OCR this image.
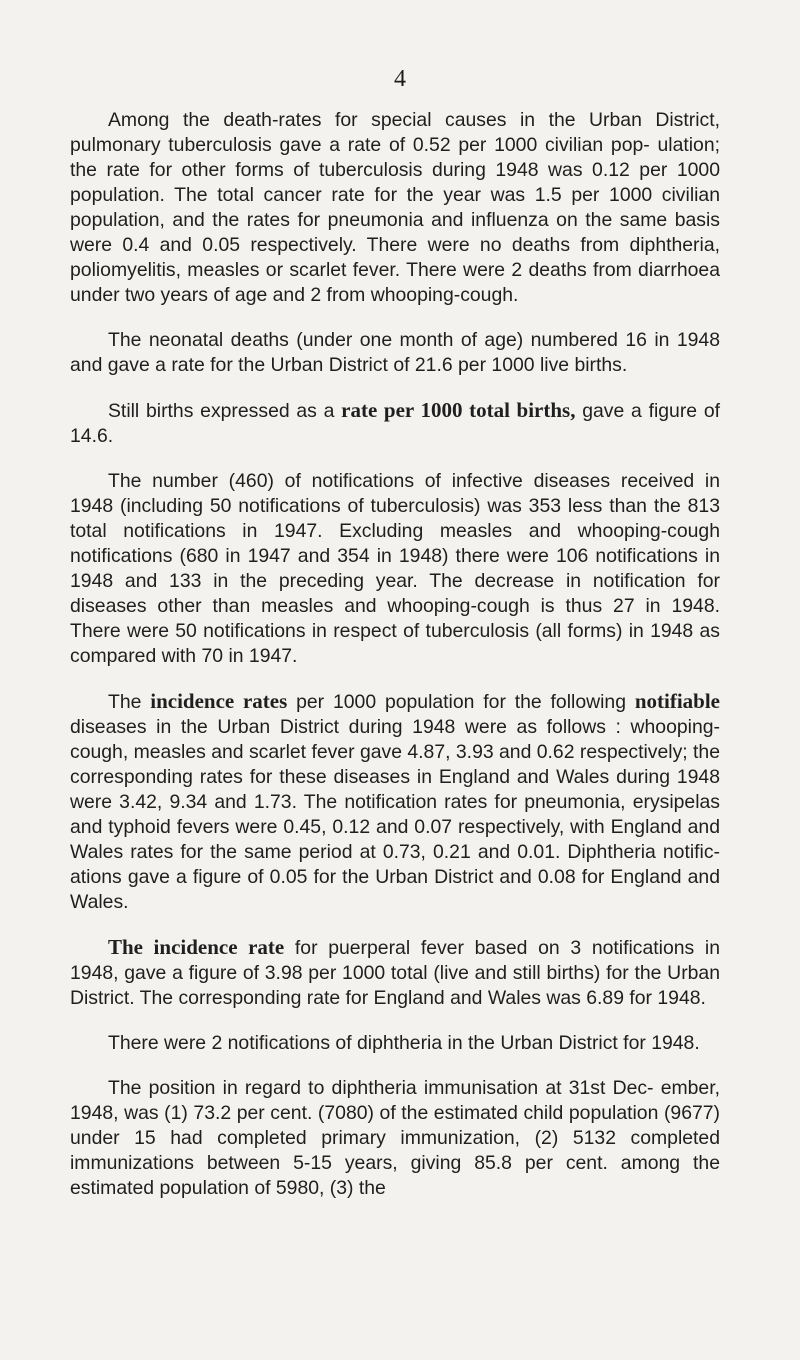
4

Among the death-rates for special causes in the Urban District, pulmonary tuberculosis gave a rate of 0.52 per 1000 civilian pop- ulation; the rate for other forms of tuberculosis during 1948 was 0.12 per 1000 population. The total cancer rate for the year was 1.5 per 1000 civilian population, and the rates for pneumonia and influenza on the same basis were 0.4 and 0.05 respectively. There were no deaths from diphtheria, poliomyelitis, measles or scarlet fever. There were 2 deaths from diarrhoea under two years of age and 2 from whooping-cough.

The neonatal deaths (under one month of age) numbered 16 in 1948 and gave a rate for the Urban District of 21.6 per 1000 live births.

Still births expressed as a rate per 1000 total births, gave a figure of 14.6.

The number (460) of notifications of infective diseases received in 1948 (including 50 notifications of tuberculosis) was 353 less than the 813 total notifications in 1947. Excluding measles and whooping-cough notifications (680 in 1947 and 354 in 1948) there were 106 notifications in 1948 and 133 in the preceding year. The decrease in notification for diseases other than measles and whooping-cough is thus 27 in 1948. There were 50 notifications in respect of tuberculosis (all forms) in 1948 as compared with 70 in 1947.

The incidence rates per 1000 population for the following notifiable diseases in the Urban District during 1948 were as follows : whooping-cough, measles and scarlet fever gave 4.87, 3.93 and 0.62 respectively; the corresponding rates for these diseases in England and Wales during 1948 were 3.42, 9.34 and 1.73. The notification rates for pneumonia, erysipelas and typhoid fevers were 0.45, 0.12 and 0.07 respectively, with England and Wales rates for the same period at 0.73, 0.21 and 0.01. Diphtheria notific- ations gave a figure of 0.05 for the Urban District and 0.08 for England and Wales.

The incidence rate for puerperal fever based on 3 notifications in 1948, gave a figure of 3.98 per 1000 total (live and still births) for the Urban District. The corresponding rate for England and Wales was 6.89 for 1948.

There were 2 notifications of diphtheria in the Urban District for 1948.

The position in regard to diphtheria immunisation at 31st Dec- ember, 1948, was (1) 73.2 per cent. (7080) of the estimated child population (9677) under 15 had completed primary immunization, (2) 5132 completed immunizations between 5-15 years, giving 85.8 per cent. among the estimated population of 5980, (3) the
